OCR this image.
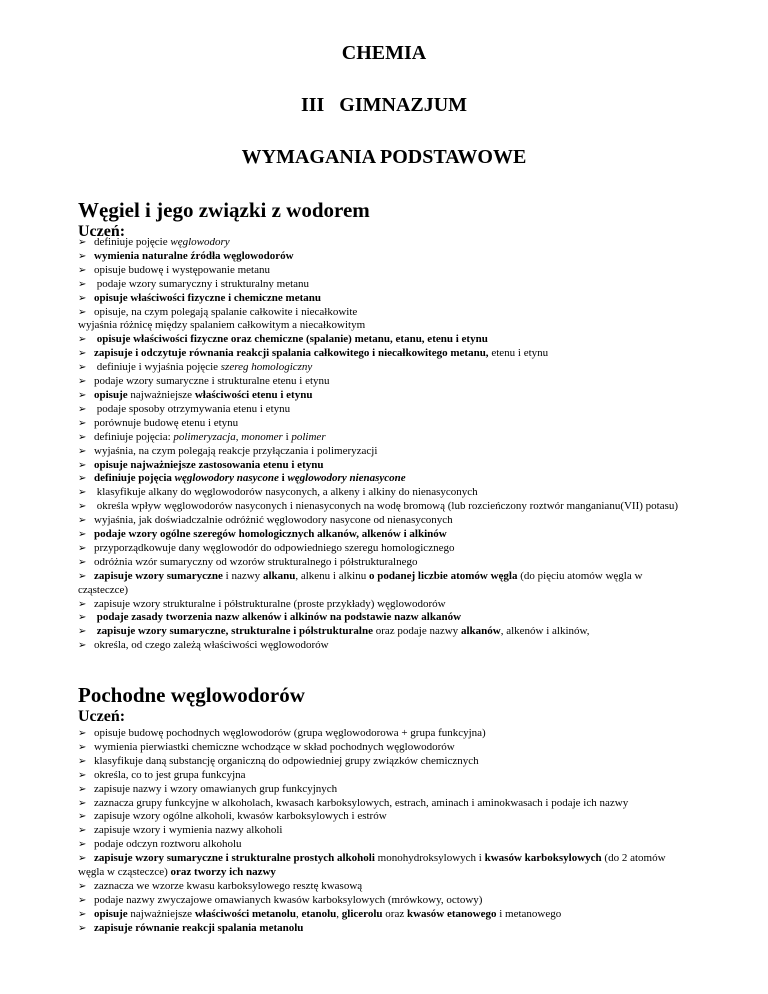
CHEMIA
III   GIMNAZJUM
WYMAGANIA PODSTAWOWE
Węgiel i jego związki z wodorem
Uczeń:

➢ definiuje pojęcie węglowodory

➢ wymienia naturalne źródła węglowodorów

➢ opisuje budowę i występowanie metanu

➢ podaje wzory sumaryczny i strukturalny metanu

➢ opisuje właściwości fizyczne i chemiczne metanu

➢ opisuje, na czym polegają spalanie całkowite i niecałkowite

wyjaśnia różnicę między spalaniem całkowitym a niecałkowitym

➢ opisuje właściwości fizyczne oraz chemiczne (spalanie) metanu, etanu, etenu i etynu

➢ zapisuje i odczytuje równania reakcji spalania całkowitego i niecałkowitego metanu, etenu i etynu

➢ definiuje i wyjaśnia pojęcie szereg homologiczny

➢ podaje wzory sumaryczne i strukturalne etenu i etynu

➢ opisuje najważniejsze właściwości etenu i etynu

➢ podaje sposoby otrzymywania etenu i etynu

➢ porównuje budowę etenu i etynu

➢ definiuje pojęcia: polimeryzacja, monomer i polimer

➢ wyjaśnia, na czym polegają reakcje przyłączania i polimeryzacji

➢ opisuje najważniejsze zastosowania etenu i etynu

➢ definiuje pojęcia węglowodory nasycone i węglowodory nienasycone

➢ klasyfikuje alkany do węglowodorów nasyconych, a alkeny i alkiny do nienasyconych

➢ określa wpływ węglowodorów nasyconych i nienasyconych na wodę bromową (lub rozcieńczony roztwór manganianu(VII) potasu)

➢ wyjaśnia, jak doświadczalnie odróżnić węglowodory nasycone od nienasyconych

➢ podaje wzory ogólne szeregów homologicznych alkanów, alkenów i alkinów

➢ przyporządkowuje dany węglowodór do odpowiedniego szeregu homologicznego

➢ odróżnia wzór sumaryczny od wzorów strukturalnego i półstrukturalnego

➢ zapisuje wzory sumaryczne i nazwy alkanu, alkenu i alkinu o podanej liczbie atomów węgla (do pięciu atomów węgla w cząsteczce)

➢ zapisuje wzory strukturalne i półstrukturalne (proste przykłady) węglowodorów

➢ podaje zasady tworzenia nazw alkenów i alkinów na podstawie nazw alkanów

➢ zapisuje wzory sumaryczne, strukturalne i półstrukturalne oraz podaje nazwy alkanów, alkenów i alkinów,

➢ określa, od czego zależą właściwości węglowodorów

Pochodne węglowodorów
Uczeń:

➢ opisuje budowę pochodnych węglowodorów (grupa węglowodorowa + grupa funkcyjna)

➢ wymienia pierwiastki chemiczne wchodzące w skład pochodnych węglowodorów

➢ klasyfikuje daną substancję organiczną do odpowiedniej grupy związków chemicznych

➢ określa, co to jest grupa funkcyjna

➢ zapisuje nazwy i wzory omawianych grup funkcyjnych

➢ zaznacza grupy funkcyjne w alkoholach, kwasach karboksylowych, estrach, aminach i aminokwasach i podaje ich nazwy

➢ zapisuje wzory ogólne alkoholi, kwasów karboksylowych i estrów

➢ zapisuje wzory i wymienia nazwy alkoholi

➢ podaje odczyn roztworu alkoholu

➢ zapisuje wzory sumaryczne i strukturalne prostych alkoholi monohydroksylowych i kwasów karboksylowych (do 2 atomów węgla w cząsteczce) oraz tworzy ich nazwy

➢ zaznacza we wzorze kwasu karboksylowego resztę kwasową

➢ podaje nazwy zwyczajowe omawianych kwasów karboksylowych (mrówkowy, octowy)

➢ opisuje najważniejsze właściwości metanolu, etanolu, glicerolu oraz kwasów etanowego i metanowego

➢ zapisuje równanie reakcji spalania metanolu
